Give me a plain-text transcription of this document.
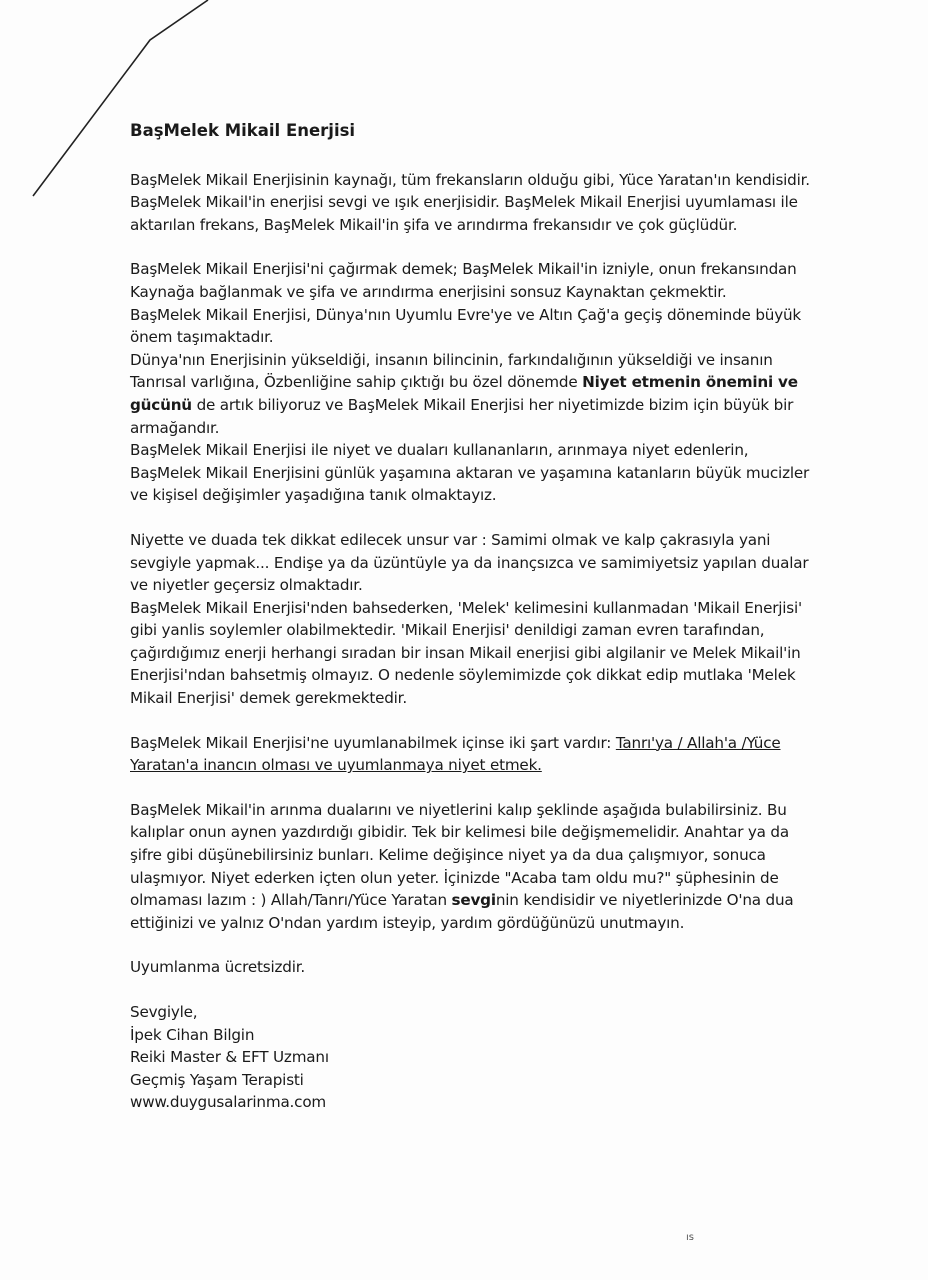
BaşMelek Mikail Enerjisi

BaşMelek Mikail Enerjisinin kaynağı, tüm frekansların olduğu gibi, Yüce Yaratan'ın kendisidir. BaşMelek Mikail'in enerjisi sevgi ve ışık enerjisidir. BaşMelek Mikail Enerjisi uyumlaması ile aktarılan frekans, BaşMelek Mikail'in şifa ve arındırma frekansıdır ve çok güçlüdür.

BaşMelek Mikail Enerjisi'ni çağırmak demek; BaşMelek Mikail'in izniyle, onun frekansından Kaynağa bağlanmak ve şifa ve arındırma enerjisini sonsuz Kaynaktan çekmektir.

BaşMelek Mikail Enerjisi, Dünya'nın Uyumlu Evre'ye ve Altın Çağ'a geçiş döneminde büyük önem taşımaktadır.

Dünya'nın Enerjisinin yükseldiği, insanın bilincinin, farkındalığının yükseldiği ve insanın Tanrısal varlığına, Özbenliğine sahip çıktığı bu özel dönemde Niyet etmenin önemini ve gücünü de artık biliyoruz ve BaşMelek Mikail Enerjisi her niyetimizde bizim için büyük bir armağandır.

BaşMelek Mikail Enerjisi ile niyet ve duaları kullananların, arınmaya niyet edenlerin, BaşMelek Mikail Enerjisini günlük yaşamına aktaran ve yaşamına katanların büyük mucizler ve kişisel değişimler yaşadığına tanık olmaktayız.

Niyette ve duada tek dikkat edilecek unsur var : Samimi olmak ve kalp çakrasıyla yani sevgiyle yapmak... Endişe ya da üzüntüyle ya da inançsızca ve samimiyetsiz yapılan dualar ve niyetler geçersiz olmaktadır.

BaşMelek Mikail Enerjisi'nden bahsederken, 'Melek' kelimesini kullanmadan 'Mikail Enerjisi' gibi yanlis soylemler olabilmektedir. 'Mikail Enerjisi' denildigi zaman evren tarafından, çağırdığımız enerji herhangi sıradan bir insan Mikail enerjisi gibi algilanir ve Melek Mikail'in Enerjisi'ndan bahsetmiş olmayız. O nedenle söylemimizde çok dikkat edip mutlaka 'Melek Mikail Enerjisi' demek gerekmektedir.

BaşMelek Mikail Enerjisi'ne uyumlanabilmek içinse iki şart vardır: Tanrı'ya / Allah'a /Yüce Yaratan'a inancın olması ve uyumlanmaya niyet etmek.

BaşMelek Mikail'in arınma dualarını ve niyetlerini kalıp şeklinde aşağıda bulabilirsiniz. Bu kalıplar onun aynen yazdırdığı gibidir. Tek bir kelimesi bile değişmemelidir. Anahtar ya da şifre gibi düşünebilirsiniz bunları. Kelime değişince niyet ya da dua çalışmıyor, sonuca ulaşmıyor. Niyet ederken içten olun yeter. İçinizde "Acaba tam oldu mu?" şüphesinin de olmaması lazım : ) Allah/Tanrı/Yüce Yaratan sevginin kendisidir ve niyetlerinizde O'na dua ettiğinizi ve yalnız O'ndan yardım isteyip, yardım gördüğünüzü unutmayın.

Uyumlanma ücretsizdir.

Sevgiyle,

İpek Cihan Bilgin

Reiki Master & EFT Uzmanı

Geçmiş Yaşam Terapisti

www.duygusalarinma.com

ıs
